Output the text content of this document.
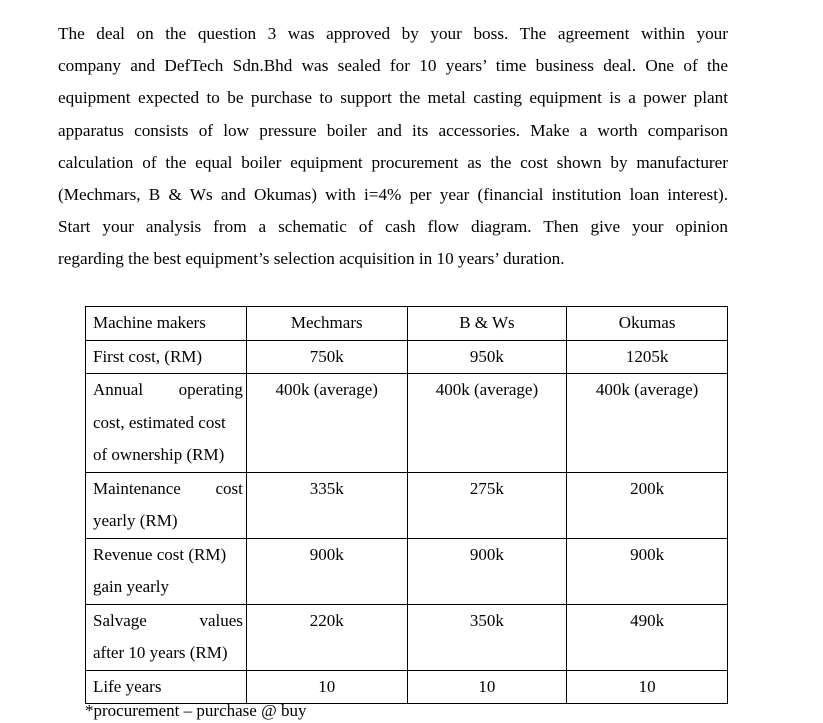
The deal on the question 3 was approved by your boss. The agreement within your
company and DefTech Sdn.Bhd was sealed for 10 years’ time business deal. One of the
equipment expected to be purchase to support the metal casting equipment is a power plant
apparatus consists of low pressure boiler and its accessories. Make a worth comparison
calculation of the equal boiler equipment procurement as the cost shown by manufacturer
(Mechmars, B & Ws and Okumas) with i=4% per year (financial institution loan interest).
Start your analysis from a schematic of cash flow diagram. Then give your opinion
regarding the best equipment’s selection acquisition in 10 years’ duration.
Machine makers	Mechmars	B & Ws	Okumas

First cost, (RM)	750k	950k	1205k

Annual operating
cost, estimated cost
of ownership (RM)	400k (average)	400k (average)	400k (average)

Maintenance cost
yearly (RM)	335k	275k	200k

Revenue cost (RM)
gain yearly	900k	900k	900k

Salvage values
after 10 years (RM)	220k	350k	490k

Life years	10	10	10
*procurement – purchase @ buy
